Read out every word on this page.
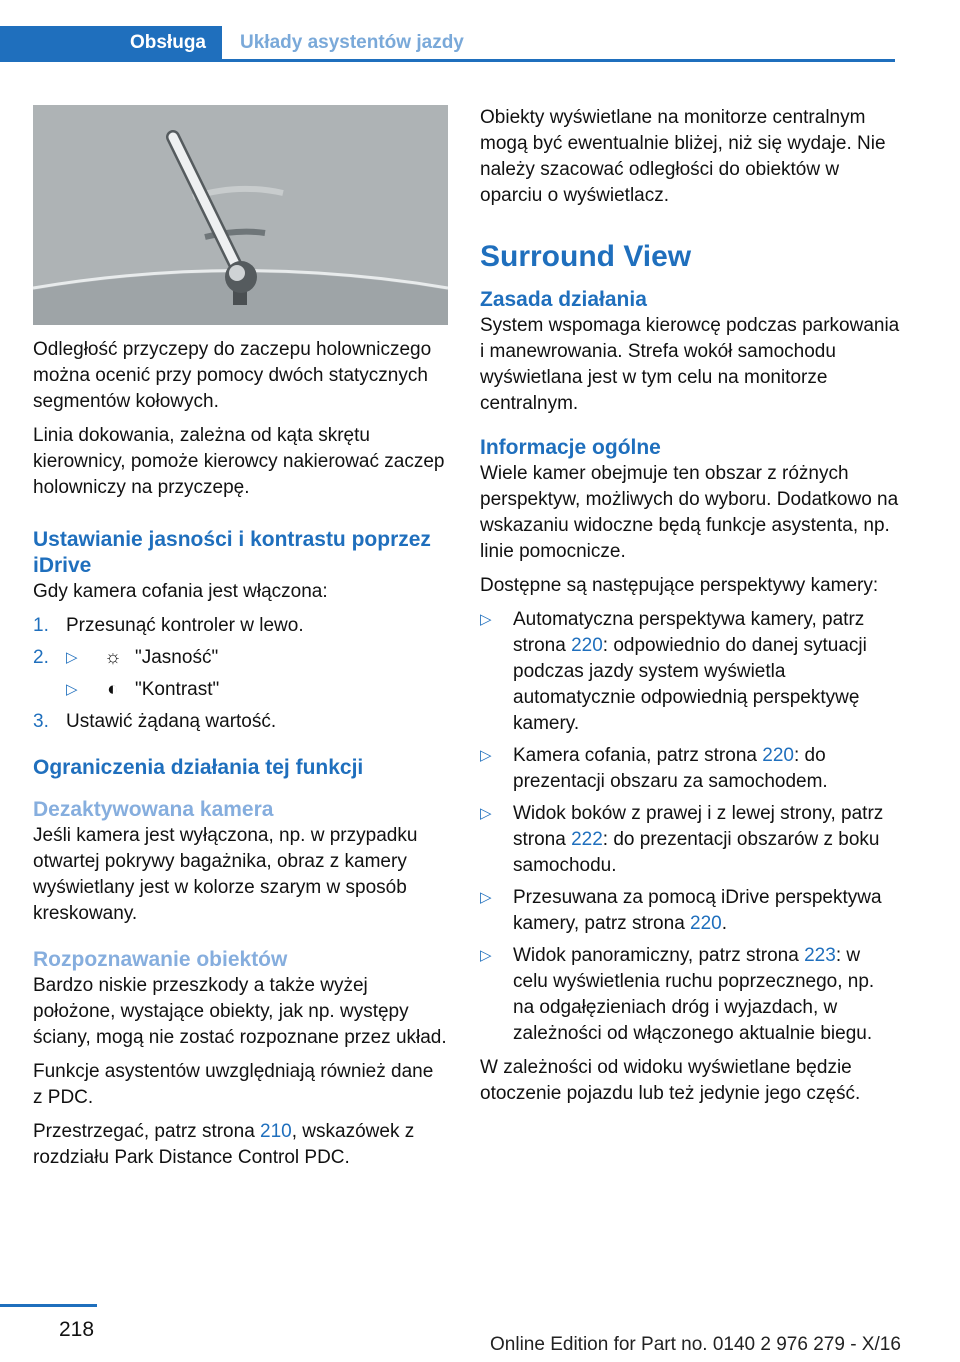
Obsługa Układy asystentów jazdy

Odległość przyczepy do zaczepu holowniczego można ocenić przy pomocy dwóch statycznych segmentów kołowych.

Linia dokowania, zależna od kąta skrętu kierownicy, pomoże kierowcy nakierować zaczep holowniczy na przyczepę.

Ustawianie jasności i kontrastu poprzez iDrive

Gdy kamera cofania jest włączona:

1. Przesunąć kontroler w lewo.
2. ▷ ☼ "Jasność"
▷ ◐ "Kontrast"
3. Ustawić żądaną wartość.
Ograniczenia działania tej funkcji
Dezaktywowana kamera

Jeśli kamera jest wyłączona, np. w przypadku otwartej pokrywy bagażnika, obraz z kamery wyświetlany jest w kolorze szarym w sposób kreskowany.

Rozpoznawanie obiektów

Bardzo niskie przeszkody a także wyżej położone, wystające obiekty, jak np. występy ściany, mogą nie zostać rozpoznane przez układ.

Funkcje asystentów uwzględniają również dane z PDC.

Przestrzegać, patrz strona 210, wskazówek z rozdziału Park Distance Control PDC.

Obiekty wyświetlane na monitorze centralnym mogą być ewentualnie bliżej, niż się wydaje. Nie należy szacować odległości do obiektów w oparciu o wyświetlacz.

Surround View
Zasada działania

System wspomaga kierowcę podczas parkowania i manewrowania. Strefa wokół samochodu wyświetlana jest w tym celu na monitorze centralnym.

Informacje ogólne

Wiele kamer obejmuje ten obszar z różnych perspektyw, możliwych do wyboru. Dodatkowo na wskazaniu widoczne będą funkcje asystenta, np. linie pomocnicze.

Dostępne są następujące perspektywy kamery:

▷ Automatyczna perspektywa kamery, patrz strona 220: odpowiednio do danej sytuacji podczas jazdy system wyświetla automatycznie odpowiednią perspektywę kamery.
▷ Kamera cofania, patrz strona 220: do prezentacji obszaru za samochodem.
▷ Widok boków z prawej i z lewej strony, patrz strona 222: do prezentacji obszarów z boku samochodu.
▷ Przesuwana za pomocą iDrive perspektywa kamery, patrz strona 220.
▷ Widok panoramiczny, patrz strona 223: w celu wyświetlenia ruchu poprzecznego, np. na odgałęzieniach dróg i wyjazdach, w zależności od włączonego aktualnie biegu.

W zależności od widoku wyświetlane będzie otoczenie pojazdu lub też jedynie jego część.

218
Online Edition for Part no. 0140 2 976 279 - X/16
